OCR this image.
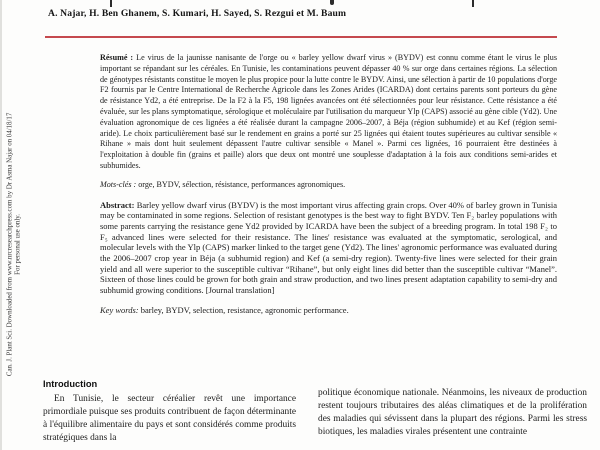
A. Najar, H. Ben Ghanem, S. Kumari, H. Sayed, S. Rezgui et M. Baum

Résumé : Le virus de la jaunisse nanisante de l'orge ou « barley yellow dwarf virus » (BYDV) est connu comme étant le virus le plus important se répandant sur les céréales. En Tunisie, les contaminations peuvent dépasser 40 % sur orge dans certaines régions. La sélection de génotypes résistants constitue le moyen le plus propice pour la lutte contre le BYDV. Ainsi, une sélection à partir de 10 populations d'orge F2 fournis par le Centre International de Recherche Agricole dans les Zones Arides (ICARDA) dont certains parents sont porteurs du gène de résistance Yd2, a été entreprise. De la F2 à la F5, 198 lignées avancées ont été sélectionnées pour leur résistance. Cette résistance a été évaluée, sur les plans symptomatique, sérologique et moléculaire par l'utilisation du marqueur Ylp (CAPS) associé au gène cible (Yd2). Une évaluation agronomique de ces lignées a été réalisée durant la campagne 2006–2007, à Béja (région subhumide) et au Kef (région semi-aride). Le choix particulièrement basé sur le rendement en grains a porté sur 25 lignées qui étaient toutes supérieures au cultivar sensible « Rihane » mais dont huit seulement dépassent l'autre cultivar sensible « Manel ». Parmi ces lignées, 16 pourraient être destinées à l'exploitation à double fin (grains et paille) alors que deux ont montré une souplesse d'adaptation à la fois aux conditions semi-arides et subhumides.

Mots-clés : orge, BYDV, sélection, résistance, performances agronomiques.

Abstract: Barley yellow dwarf virus (BYDV) is the most important virus affecting grain crops. Over 40% of barley grown in Tunisia may be contaminated in some regions. Selection of resistant genotypes is the best way to fight BYDV. Ten F₂ barley populations with some parents carrying the resistance gene Yd2 provided by ICARDA have been the subject of a breeding program. In total 198 F₂ to F₅ advanced lines were selected for their resistance. The lines' resistance was evaluated at the symptomatic, serological, and molecular levels with the Ylp (CAPS) marker linked to the target gene (Yd2). The lines' agronomic performance was evaluated during the 2006–2007 crop year in Béja (a subhumid region) and Kef (a semi-dry region). Twenty-five lines were selected for their grain yield and all were superior to the susceptible cultivar “Rihane”, but only eight lines did better than the susceptible cultivar “Manel”. Sixteen of those lines could be grown for both grain and straw production, and two lines present adaptation capability to semi-dry and subhumid growing conditions. [Journal translation]

Key words: barley, BYDV, selection, resistance, agronomic performance.

Introduction

En Tunisie, le secteur céréalier revêt une importance primordiale puisque ses produits contribuent de façon déterminante à l'équilibre alimentaire du pays et sont considérés comme produits stratégiques dans la

politique économique nationale. Néanmoins, les niveaux de production restent toujours tributaires des aléas climatiques et de la prolifération des maladies qui sévissent dans la plupart des régions. Parmi les stress biotiques, les maladies virales présentent une contrainte

Can. J. Plant Sci. Downloaded from www.nrcresearchpress.com by Dr Asma Najar on 04/18/17 For personal use only.
